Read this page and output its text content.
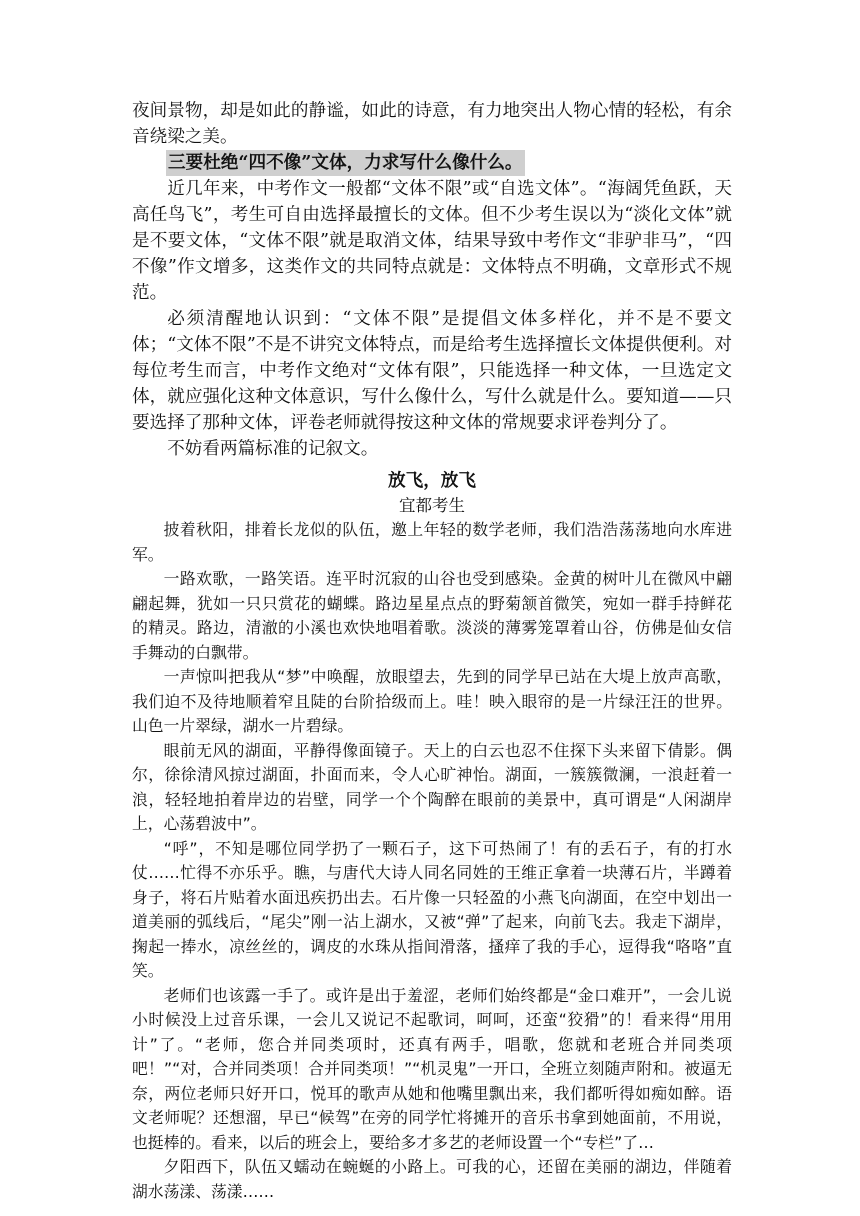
夜间景物，却是如此的静谧，如此的诗意，有力地突出人物心情的轻松，有余音绕梁之美。

三要杜绝“四不像”文体，力求写什么像什么。

近几年来，中考作文一般都“文体不限”或“自选文体”。“海阔凭鱼跃，天高任鸟飞”，考生可自由选择最擅长的文体。但不少考生误以为“淡化文体”就是不要文体，“文体不限”就是取消文体，结果导致中考作文“非驴非马”，“四不像”作文增多，这类作文的共同特点就是：文体特点不明确，文章形式不规范。

必须清醒地认识到：“文体不限”是提倡文体多样化，并不是不要文体；“文体不限”不是不讲究文体特点，而是给考生选择擅长文体提供便利。对每位考生而言，中考作文绝对“文体有限”，只能选择一种文体，一旦选定文体，就应强化这种文体意识，写什么像什么，写什么就是什么。要知道——只要选择了那种文体，评卷老师就得按这种文体的常规要求评卷判分了。

不妨看两篇标准的记叙文。

放飞，放飞
宜都考生

披着秋阳，排着长龙似的队伍，邀上年轻的数学老师，我们浩浩荡荡地向水库进军。

一路欢歌，一路笑语。连平时沉寂的山谷也受到感染。金黄的树叶儿在微风中翩翩起舞，犹如一只只赏花的蝴蝶。路边星星点点的野菊颔首微笑，宛如一群手持鲜花的精灵。路边，清澈的小溪也欢快地唱着歌。淡淡的薄雾笼罩着山谷，仿佛是仙女信手舞动的白飘带。

一声惊叫把我从“梦”中唤醒，放眼望去，先到的同学早已站在大堤上放声高歌，我们迫不及待地顺着窄且陡的台阶拾级而上。哇！映入眼帘的是一片绿汪汪的世界。山色一片翠绿，湖水一片碧绿。

眼前无风的湖面，平静得像面镜子。天上的白云也忍不住探下头来留下倩影。偶尔，徐徐清风掠过湖面，扑面而来，令人心旷神怡。湖面，一簇簇微澜，一浪赶着一浪，轻轻地拍着岸边的岩壁，同学一个个陶醉在眼前的美景中，真可谓是“人闲湖岸上，心荡碧波中”。

“呼”，不知是哪位同学扔了一颗石子，这下可热闹了！有的丢石子，有的打水仗……忙得不亦乐乎。瞧，与唐代大诗人同名同姓的王维正拿着一块薄石片，半蹲着身子，将石片贴着水面迅疾扔出去。石片像一只轻盈的小燕飞向湖面，在空中划出一道美丽的弧线后，“尾尖”刚一沾上湖水，又被“弹”了起来，向前飞去。我走下湖岸，掬起一捧水，凉丝丝的，调皮的水珠从指间滑落，搔痒了我的手心，逗得我“咯咯”直笑。

老师们也该露一手了。或许是出于羞涩，老师们始终都是“金口难开”，一会儿说小时候没上过音乐课，一会儿又说记不起歌词，呵呵，还蛮“狡猾”的！看来得“用用计”了。“老师，您合并同类项时，还真有两手，唱歌，您就和老班合并同类项吧！”“对，合并同类项！合并同类项！”“机灵鬼”一开口，全班立刻随声附和。被逼无奈，两位老师只好开口，悦耳的歌声从她和他嘴里飘出来，我们都听得如痴如醉。语文老师呢？还想溜，早已“候驾”在旁的同学忙将摊开的音乐书拿到她面前，不用说，也挺棒的。看来，以后的班会上，要给多才多艺的老师设置一个“专栏”了…

夕阳西下，队伍又蠕动在蜿蜒的小路上。可我的心，还留在美丽的湖边，伴随着湖水荡漾、荡漾……
